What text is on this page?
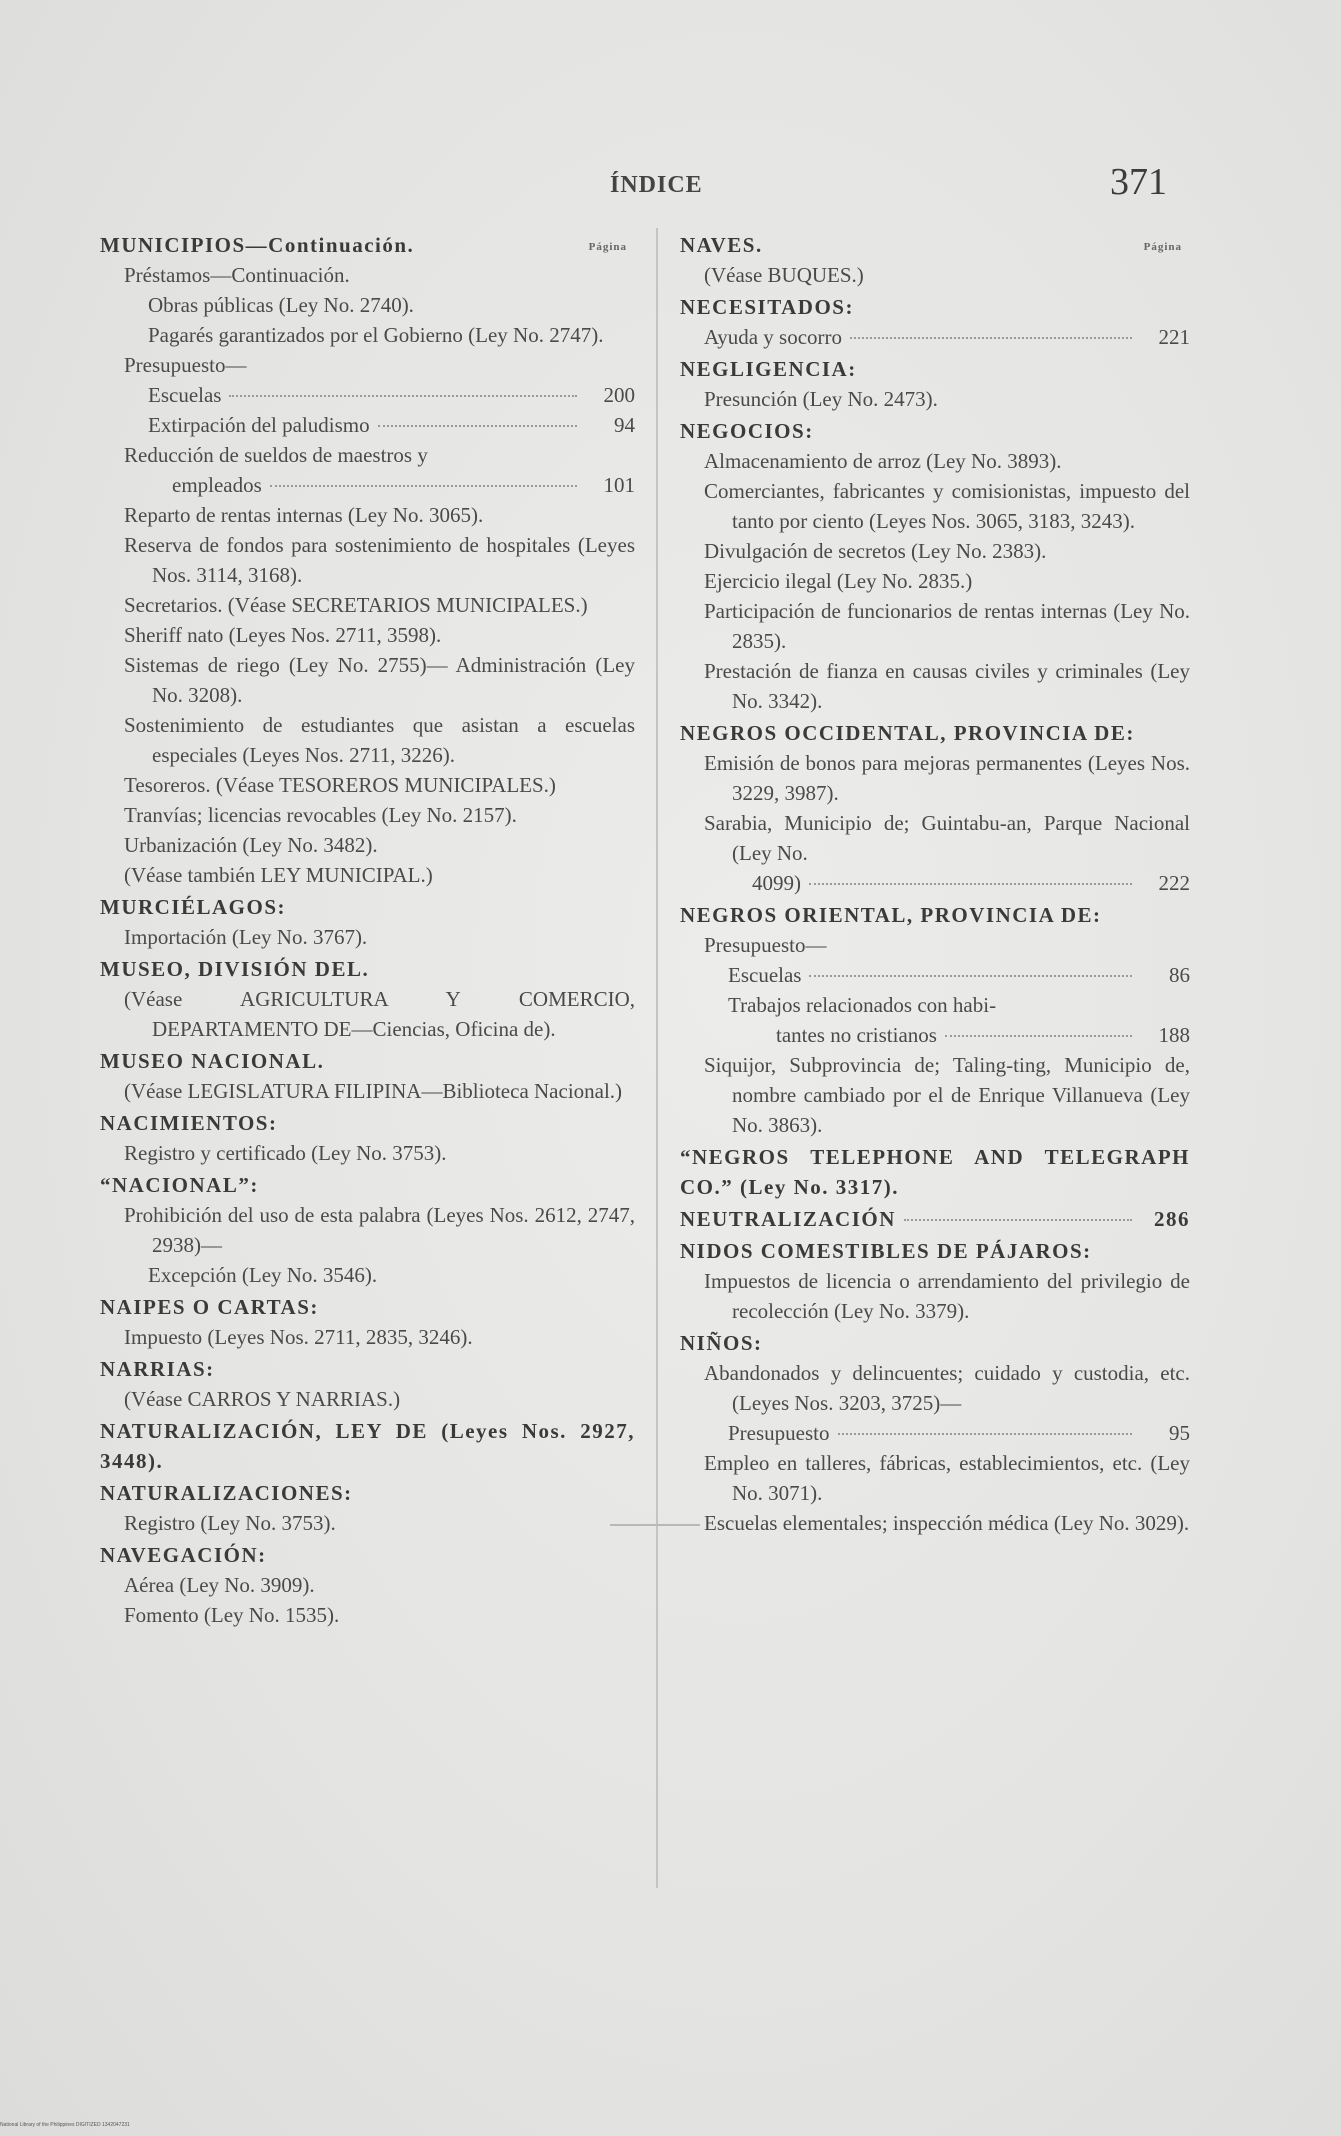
ÍNDICE	371
Página
MUNICIPIOS—Continuación.
Préstamos—Continuación.
Obras públicas (Ley No. 2740).
Pagarés garantizados por el Gobierno (Ley No. 2747).
Presupuesto—
Escuelas	200
Extirpación del paludismo	94
Reducción de sueldos de maestros y
empleados	101
Reparto de rentas internas (Ley No. 3065).
Reserva de fondos para sostenimiento de hospitales (Leyes Nos. 3114, 3168).
Secretarios. (Véase SECRETARIOS MUNICIPALES.)
Sheriff nato (Leyes Nos. 2711, 3598).
Sistemas de riego (Ley No. 2755)— Administración (Ley No. 3208).
Sostenimiento de estudiantes que asistan a escuelas especiales (Leyes Nos. 2711, 3226).
Tesoreros. (Véase TESOREROS MUNICIPALES.)
Tranvías; licencias revocables (Ley No. 2157).
Urbanización (Ley No. 3482).
(Véase también LEY MUNICIPAL.)
MURCIÉLAGOS:
Importación (Ley No. 3767).
MUSEO, DIVISIÓN DEL.
(Véase AGRICULTURA Y COMERCIO, DEPARTAMENTO DE—Ciencias, Oficina de).
MUSEO NACIONAL.
(Véase LEGISLATURA FILIPINA—Biblioteca Nacional.)
NACIMIENTOS:
Registro y certificado (Ley No. 3753).
“NACIONAL”:
Prohibición del uso de esta palabra (Leyes Nos. 2612, 2747, 2938)—
Excepción (Ley No. 3546).
NAIPES O CARTAS:
Impuesto (Leyes Nos. 2711, 2835, 3246).
NARRIAS:
(Véase CARROS Y NARRIAS.)
NATURALIZACIÓN, LEY DE (Leyes Nos. 2927, 3448).
NATURALIZACIONES:
Registro (Ley No. 3753).
NAVEGACIÓN:
Aérea (Ley No. 3909).
Fomento (Ley No. 1535).
Página
NAVES.
(Véase BUQUES.)
NECESITADOS:
Ayuda y socorro	221
NEGLIGENCIA:
Presunción (Ley No. 2473).
NEGOCIOS:
Almacenamiento de arroz (Ley No. 3893).
Comerciantes, fabricantes y comisionistas, impuesto del tanto por ciento (Leyes Nos. 3065, 3183, 3243).
Divulgación de secretos (Ley No. 2383).
Ejercicio ilegal (Ley No. 2835.)
Participación de funcionarios de rentas internas (Ley No. 2835).
Prestación de fianza en causas civiles y criminales (Ley No. 3342).
NEGROS OCCIDENTAL, PROVINCIA DE:
Emisión de bonos para mejoras permanentes (Leyes Nos. 3229, 3987).
Sarabia, Municipio de; Guintabu-an, Parque Nacional (Ley No.
4099)	222
NEGROS ORIENTAL, PROVINCIA DE:
Presupuesto—
Escuelas	86
Trabajos relacionados con habi-
tantes no cristianos	188
Siquijor, Subprovincia de; Taling-ting, Municipio de, nombre cambiado por el de Enrique Villanueva (Ley No. 3863).
“NEGROS TELEPHONE AND TELEGRAPH CO.” (Ley No. 3317).
NEUTRALIZACIÓN	286
NIDOS COMESTIBLES DE PÁJAROS:
Impuestos de licencia o arrendamiento del privilegio de recolección (Ley No. 3379).
NIÑOS:
Abandonados y delincuentes; cuidado y custodia, etc. (Leyes Nos. 3203, 3725)—
Presupuesto	95
Empleo en talleres, fábricas, establecimientos, etc. (Ley No. 3071).
Escuelas elementales; inspección médica (Ley No. 3029).
National Library of the Philippines DIGITIZED 1342047231
